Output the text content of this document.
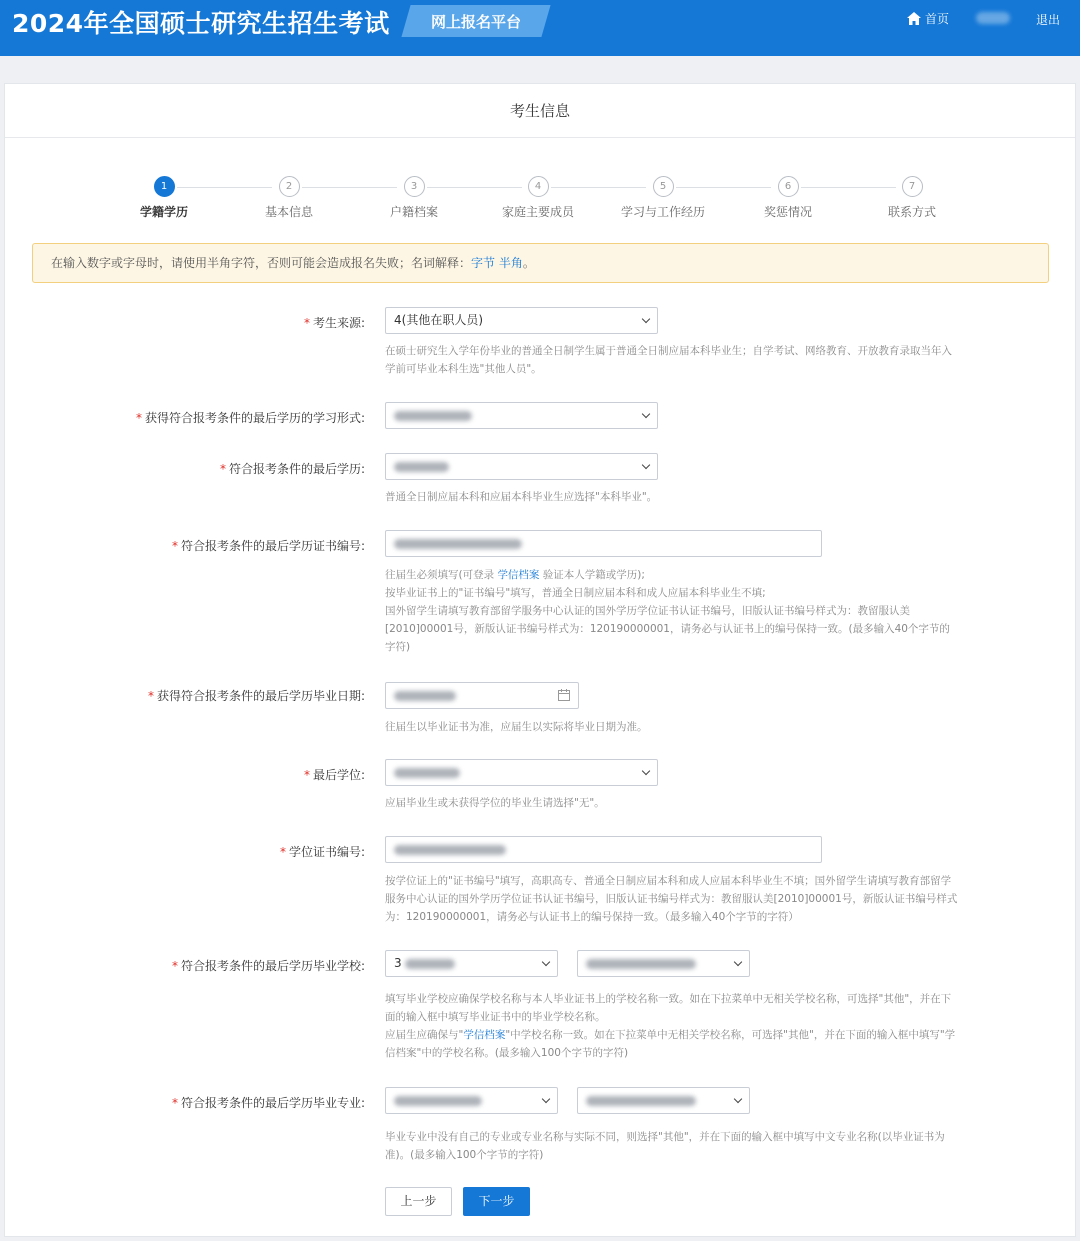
2024年全国硕士研究生招生考试	网上报名平台	首页	退出
考生信息
1
学籍学历
2
基本信息
3
户籍档案
4
家庭主要成员
5
学习与工作经历
6
奖惩情况
7
联系方式
在输入数字或字母时，请使用半角字符，否则可能会造成报名失败；名词解释：字节 半角。
* 考生来源:	4(其他在职人员)
在硕士研究生入学年份毕业的普通全日制学生属于普通全日制应届本科毕业生；自学考试、网络教育、开放教育录取当年入学前可毕业本科生选"其他人员"。
* 获得符合报考条件的最后学历的学习形式:
* 符合报考条件的最后学历:
普通全日制应届本科和应届本科毕业生应选择"本科毕业"。
* 符合报考条件的最后学历证书编号:
往届生必须填写(可登录 学信档案 验证本人学籍或学历);
按毕业证书上的"证书编号"填写，普通全日制应届本科和成人应届本科毕业生不填;
国外留学生请填写教育部留学服务中心认证的国外学历学位证书认证书编号，旧版认证书编号样式为：教留服认美[2010]00001号，新版认证书编号样式为：120190000001，请务必与认证书上的编号保持一致。(最多输入40个字节的字符)
* 获得符合报考条件的最后学历毕业日期:
往届生以毕业证书为准，应届生以实际将毕业日期为准。
* 最后学位:
应届毕业生或未获得学位的毕业生请选择"无"。
* 学位证书编号:
按学位证上的"证书编号"填写，高职高专、普通全日制应届本科和成人应届本科毕业生不填；国外留学生请填写教育部留学服务中心认证的国外学历学位证书认证书编号，旧版认证书编号样式为：教留服认美[2010]00001号，新版认证书编号样式为：120190000001，请务必与认证书上的编号保持一致。（最多输入40个字节的字符）
* 符合报考条件的最后学历毕业学校:	3
填写毕业学校应确保学校名称与本人毕业证书上的学校名称一致。如在下拉菜单中无相关学校名称，可选择"其他"，并在下面的输入框中填写毕业证书中的毕业学校名称。
应届生应确保与"学信档案"中学校名称一致。如在下拉菜单中无相关学校名称，可选择"其他"，并在下面的输入框中填写"学信档案"中的学校名称。(最多输入100个字节的字符)
* 符合报考条件的最后学历毕业专业:
毕业专业中没有自己的专业或专业名称与实际不同，则选择"其他"，并在下面的输入框中填写中文专业名称(以毕业证书为准)。(最多输入100个字节的字符)
上一步	下一步
